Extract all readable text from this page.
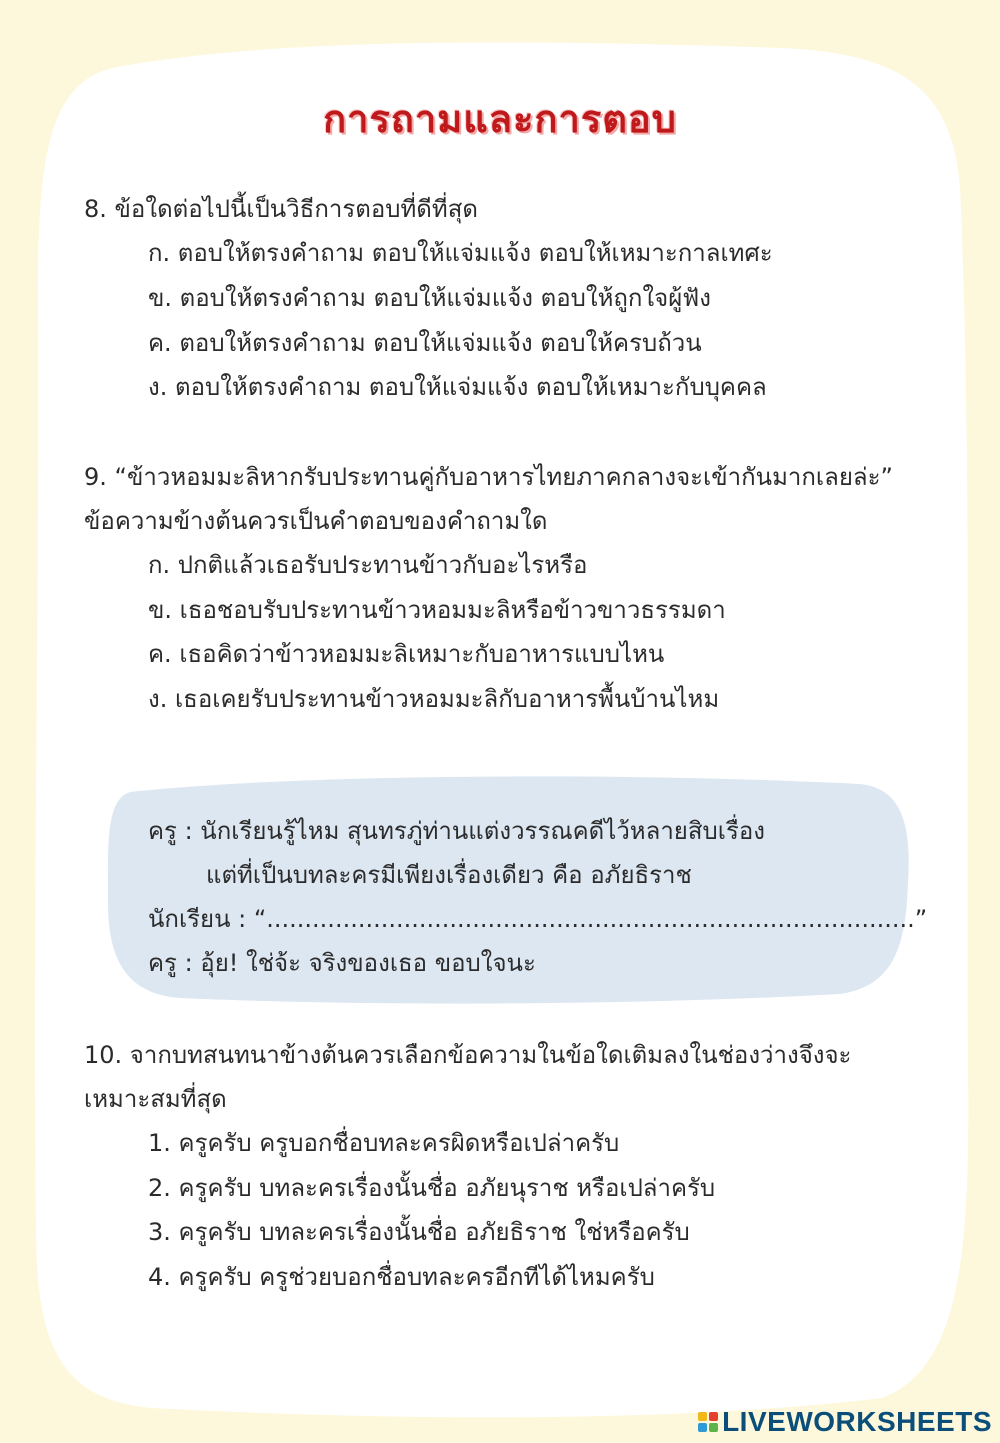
การถามและการตอบ
8. ข้อใดต่อไปนี้เป็นวิธีการตอบที่ดีที่สุด
ก. ตอบให้ตรงคำถาม ตอบให้แจ่มแจ้ง ตอบให้เหมาะกาลเทศะ
ข. ตอบให้ตรงคำถาม ตอบให้แจ่มแจ้ง ตอบให้ถูกใจผู้ฟัง
ค. ตอบให้ตรงคำถาม ตอบให้แจ่มแจ้ง ตอบให้ครบถ้วน
ง. ตอบให้ตรงคำถาม ตอบให้แจ่มแจ้ง ตอบให้เหมาะกับบุคคล
9. “ข้าวหอมมะลิหากรับประทานคู่กับอาหารไทยภาคกลางจะเข้ากันมากเลยล่ะ”
ข้อความข้างต้นควรเป็นคำตอบของคำถามใด
ก. ปกติแล้วเธอรับประทานข้าวกับอะไรหรือ
ข. เธอชอบรับประทานข้าวหอมมะลิหรือข้าวขาวธรรมดา
ค. เธอคิดว่าข้าวหอมมะลิเหมาะกับอาหารแบบไหน
ง. เธอเคยรับประทานข้าวหอมมะลิกับอาหารพื้นบ้านไหม
ครู : นักเรียนรู้ไหม สุนทรภู่ท่านแต่งวรรณคดีไว้หลายสิบเรื่อง
แต่ที่เป็นบทละครมีเพียงเรื่องเดียว คือ อภัยธิราช
นักเรียน : “.....................................................................................”
ครู : อุ้ย! ใช่จ้ะ จริงของเธอ ขอบใจนะ
10. จากบทสนทนาข้างต้นควรเลือกข้อความในข้อใดเติมลงในช่องว่างจึงจะ
เหมาะสมที่สุด
1. ครูครับ ครูบอกชื่อบทละครผิดหรือเปล่าครับ
2. ครูครับ บทละครเรื่องนั้นชื่อ อภัยนุราช หรือเปล่าครับ
3. ครูครับ บทละครเรื่องนั้นชื่อ อภัยธิราช ใช่หรือครับ
4. ครูครับ ครูช่วยบอกชื่อบทละครอีกทีได้ไหมครับ
LIVEWORKSHEETS
